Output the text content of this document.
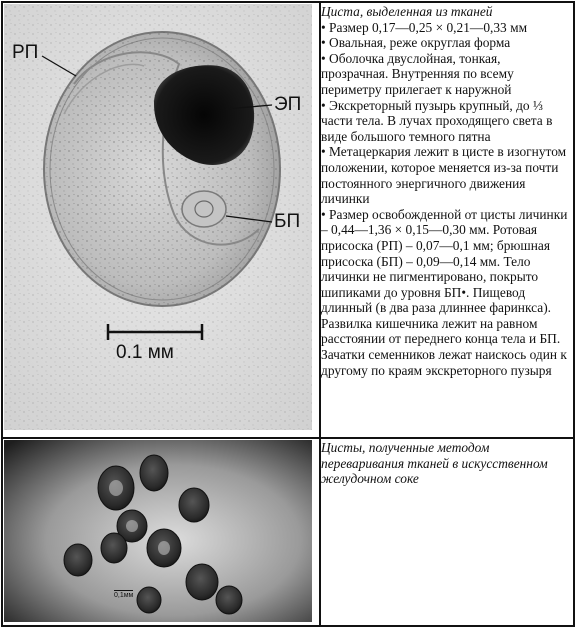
РП
ЭП
БП
0.1 мм
Циста, выделенная из тканей
• Размер 0,17—0,25 × 0,21—0,33 мм
• Овальная, реже округлая форма
• Оболочка двуслойная, тонкая, прозрачная. Внутренняя по всему периметру прилегает к наружной
• Экскреторный пузырь крупный, до ⅓ части тела. В лучах проходящего света в виде большого темного пятна
• Метацеркария лежит в цисте в изогнутом положении, которое меняется из-за почти постоянного энергичного движения личинки
• Размер освобожденной от цисты личинки – 0,44—1,36 × 0,15—0,30 мм. Ротовая присоска (РП) – 0,07—0,1 мм; брюшная присоска (БП) – 0,09—0,14 мм. Тело личинки не пигментировано, покрыто шипиками до уровня БП•. Пищевод длинный (в два раза длиннее фаринкса). Развилка кишечника лежит на равном расстоянии от переднего конца тела и БП. Зачатки семенников лежат наискось один к другому по краям экскреторного пузыря
0,1мм
Цисты, полученные методом переваривания тканей в искусственном желудочном соке
